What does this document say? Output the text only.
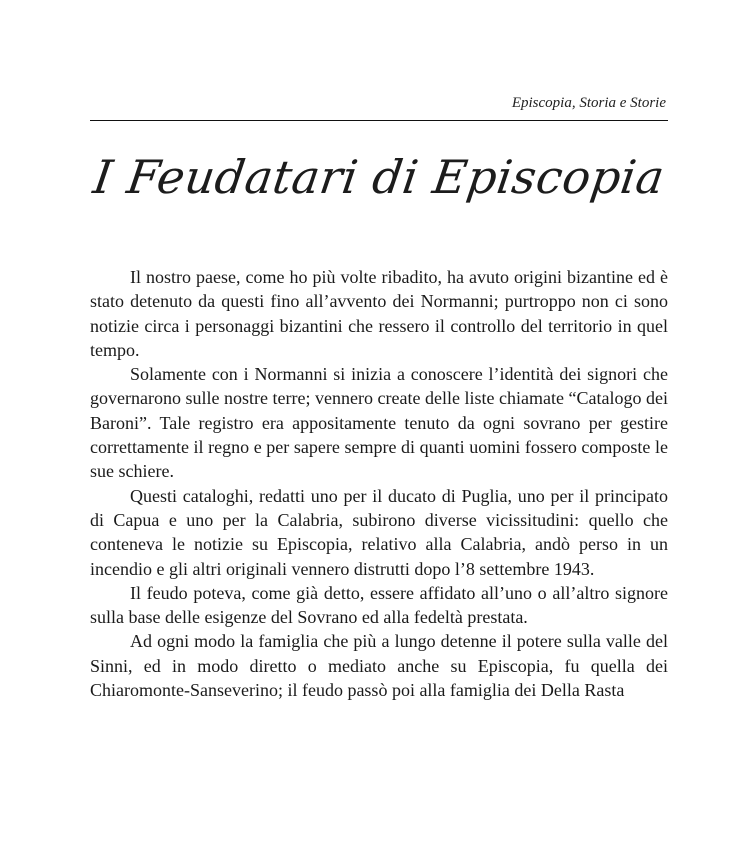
Episcopia, Storia e Storie
I Feudatari di Episcopia

Il nostro paese, come ho più volte ribadito, ha avuto origini bizantine ed è stato detenuto da questi fino all’avvento dei Normanni; purtroppo non ci sono notizie circa i personaggi bizantini che ressero il controllo del territorio in quel tempo.

Solamente con i Normanni si inizia a conoscere l’identità dei signori che governarono sulle nostre terre; vennero create delle liste chiamate “Catalogo dei Baroni”. Tale registro era appositamente tenuto da ogni sovrano per gestire correttamente il regno e per sapere sempre di quanti uomini fossero composte le sue schiere.

Questi cataloghi, redatti uno per il ducato di Puglia, uno per il principato di Capua e uno per la Calabria, subirono diverse vicissitudini: quello che conteneva le notizie su Episcopia, relativo alla Calabria, andò perso in un incendio e gli altri originali vennero distrutti dopo l’8 settembre 1943.

Il feudo poteva, come già detto, essere affidato all’uno o all’altro signore sulla base delle esigenze del Sovrano ed alla fedeltà prestata.

Ad ogni modo la famiglia che più a lungo detenne il potere sulla valle del Sinni, ed in modo diretto o mediato anche su Episcopia, fu quella dei Chiaromonte-Sanseverino; il feudo passò poi alla famiglia dei Della Rasta
